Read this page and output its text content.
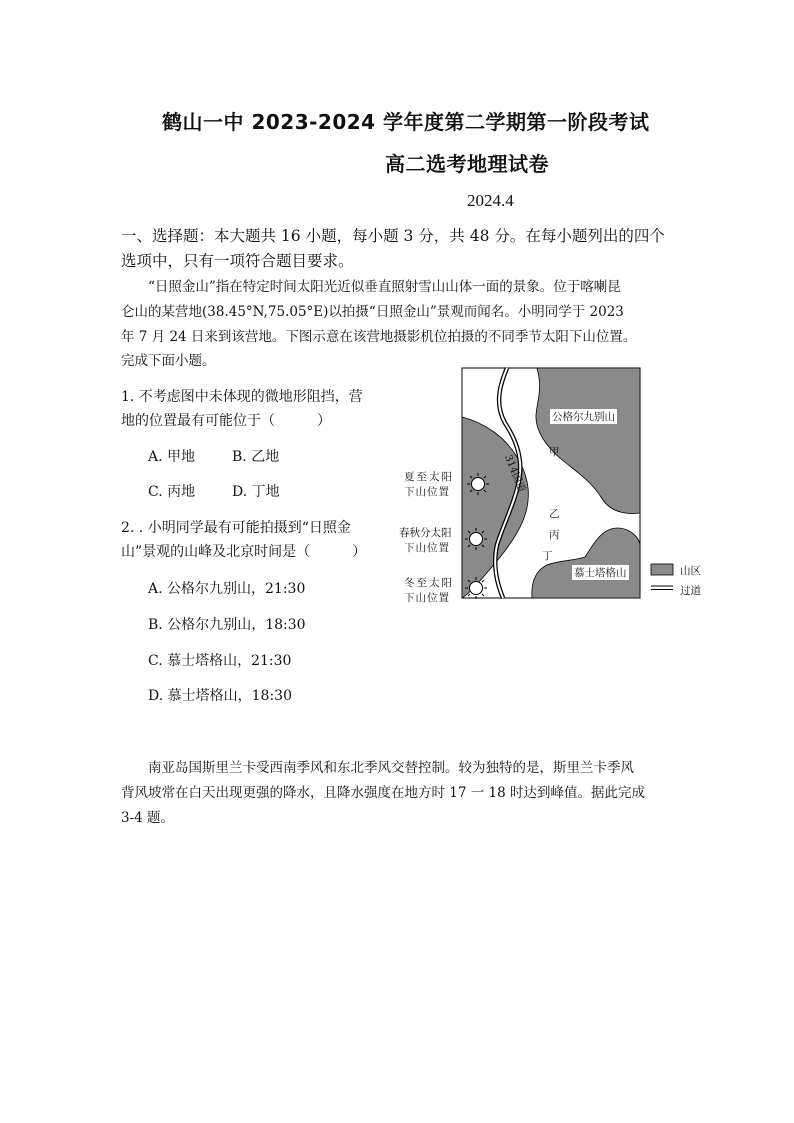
鹤山一中 2023-2024 学年度第二学期第一阶段考试
高二选考地理试卷
2024.4
一、选择题：本大题共 16 小题，每小题 3 分，共 48 分。在每小题列出的四个
选项中，只有一项符合题目要求。
“日照金山”指在特定时间太阳光近似垂直照射雪山山体一面的景象。位于喀喇昆
仑山的某营地(38.45°N,75.05°E)以拍摄“日照金山”景观而闻名。小明同学于 2023
年 7 月 24 日来到该营地。下图示意在该营地摄影机位拍摄的不同季节太阳下山位置。
完成下面小题。
1. 不考虑图中未体现的微地形阻挡，营
地的位置最有可能位于（　　　）
A. 甲地	B. 乙地
C. 丙地	D. 丁地
2. . 小明同学最有可能拍摄到“日照金
山”景观的山峰及北京时间是（　　　）
A. 公格尔九别山，21:30
B. 公格尔九别山，18:30
C. 慕士塔格山，21:30
D. 慕士塔格山，18:30
公格尔九别山
慕士塔格山
314国道
甲
乙
丙
丁
夏至太阳
下山位置
春秋分太阳
下山位置
冬至太阳
下山位置
山区
过道
南亚岛国斯里兰卡受西南季风和东北季风交替控制。较为独特的是，斯里兰卡季风
背风坡常在白天出现更强的降水，且降水强度在地方时 17 一 18 时达到峰值。据此完成
3-4 题。
